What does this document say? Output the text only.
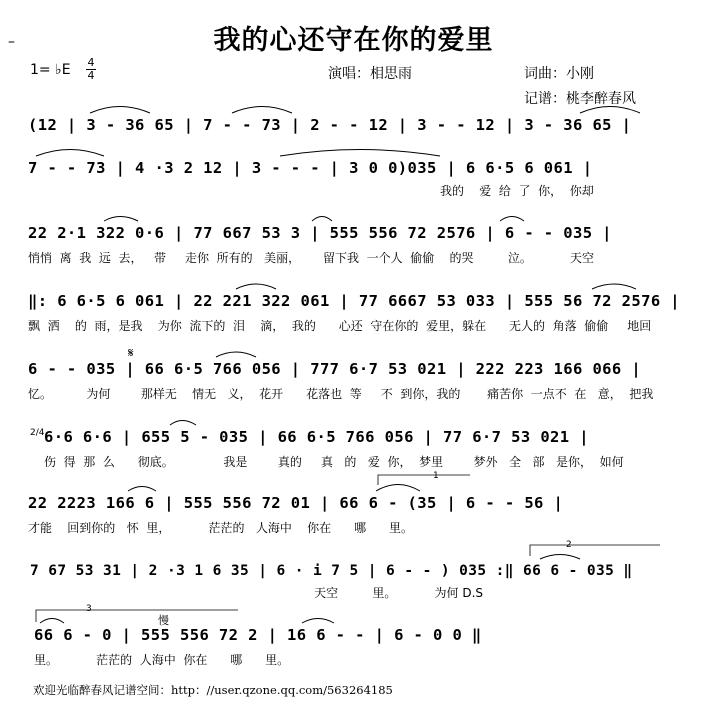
–	我的心还守在你的爱里
1= ♭E 4
4	演唱：相思雨	词曲：小刚
记谱：桃李醉春风
(12 | 3 - 36 65 | 7 - - 73 | 2 - - 12 | 3 - - 12 | 3 - 36 65 |
7 - - 73 | 4 ·3 2 12 | 3 - - - | 3 0 0)035 | 6 6·5 6 061 |
我的    爱  给  了  你，  你却
22 2·1 322 0·6 | 77 667 53 3 | 555 556 72 2576 | 6 - - 035 |
悄悄  离  我  远  去，   带     走你  所有的   美丽，      留下我  一个人  偷偷    的哭         泣。          天空
‖: 6 6·5 6 061 | 22 221 322 061 | 77 6667 53 033 | 555 56 72 2576 |
飘  洒    的  雨，是我    为你  流下的  泪    滴，  我的      心还  守在你的  爱里，躲在      无人的  角落  偷偷     地回
6 - - 035 | 66 6·5 766 056 | 777 6·7 53 021 | 222 223 166 066 |
忆。         为何        那样无    情无   义，  花开      花落也  等     不  到你，我的       痛苦你  一点不  在   意，  把我
6·6 6·6 | 655 5 - 035 | 66 6·5 766 056 | 77 6·7 53 021 |
2/4
伤  得  那  么      彻底。             我是        真的     真   的   爱  你，  梦里        梦外   全   部   是你，  如何
22 2223 166 6 | 555 556 72 01 | 66 6 - (35 | 6 - - 56 |
才能    回到你的   怀  里，          茫茫的   人海中    你在      哪      里。
7 67 53 31 | 2 ·3 1 6 35 | 6 · i 7 5 | 6 - - ) 035 :‖ 66 6 - 035 ‖
天空         里。          为何 D.S
66 6 - 0 | 555 556 72 2 | 16 6 - - | 6 - 0 0 ‖
里。          茫茫的  人海中  你在      哪      里。
𝄋
慢
2
3
1
欢迎光临醉春风记谱空间：http：//user.qzone.qq.com/563264185
